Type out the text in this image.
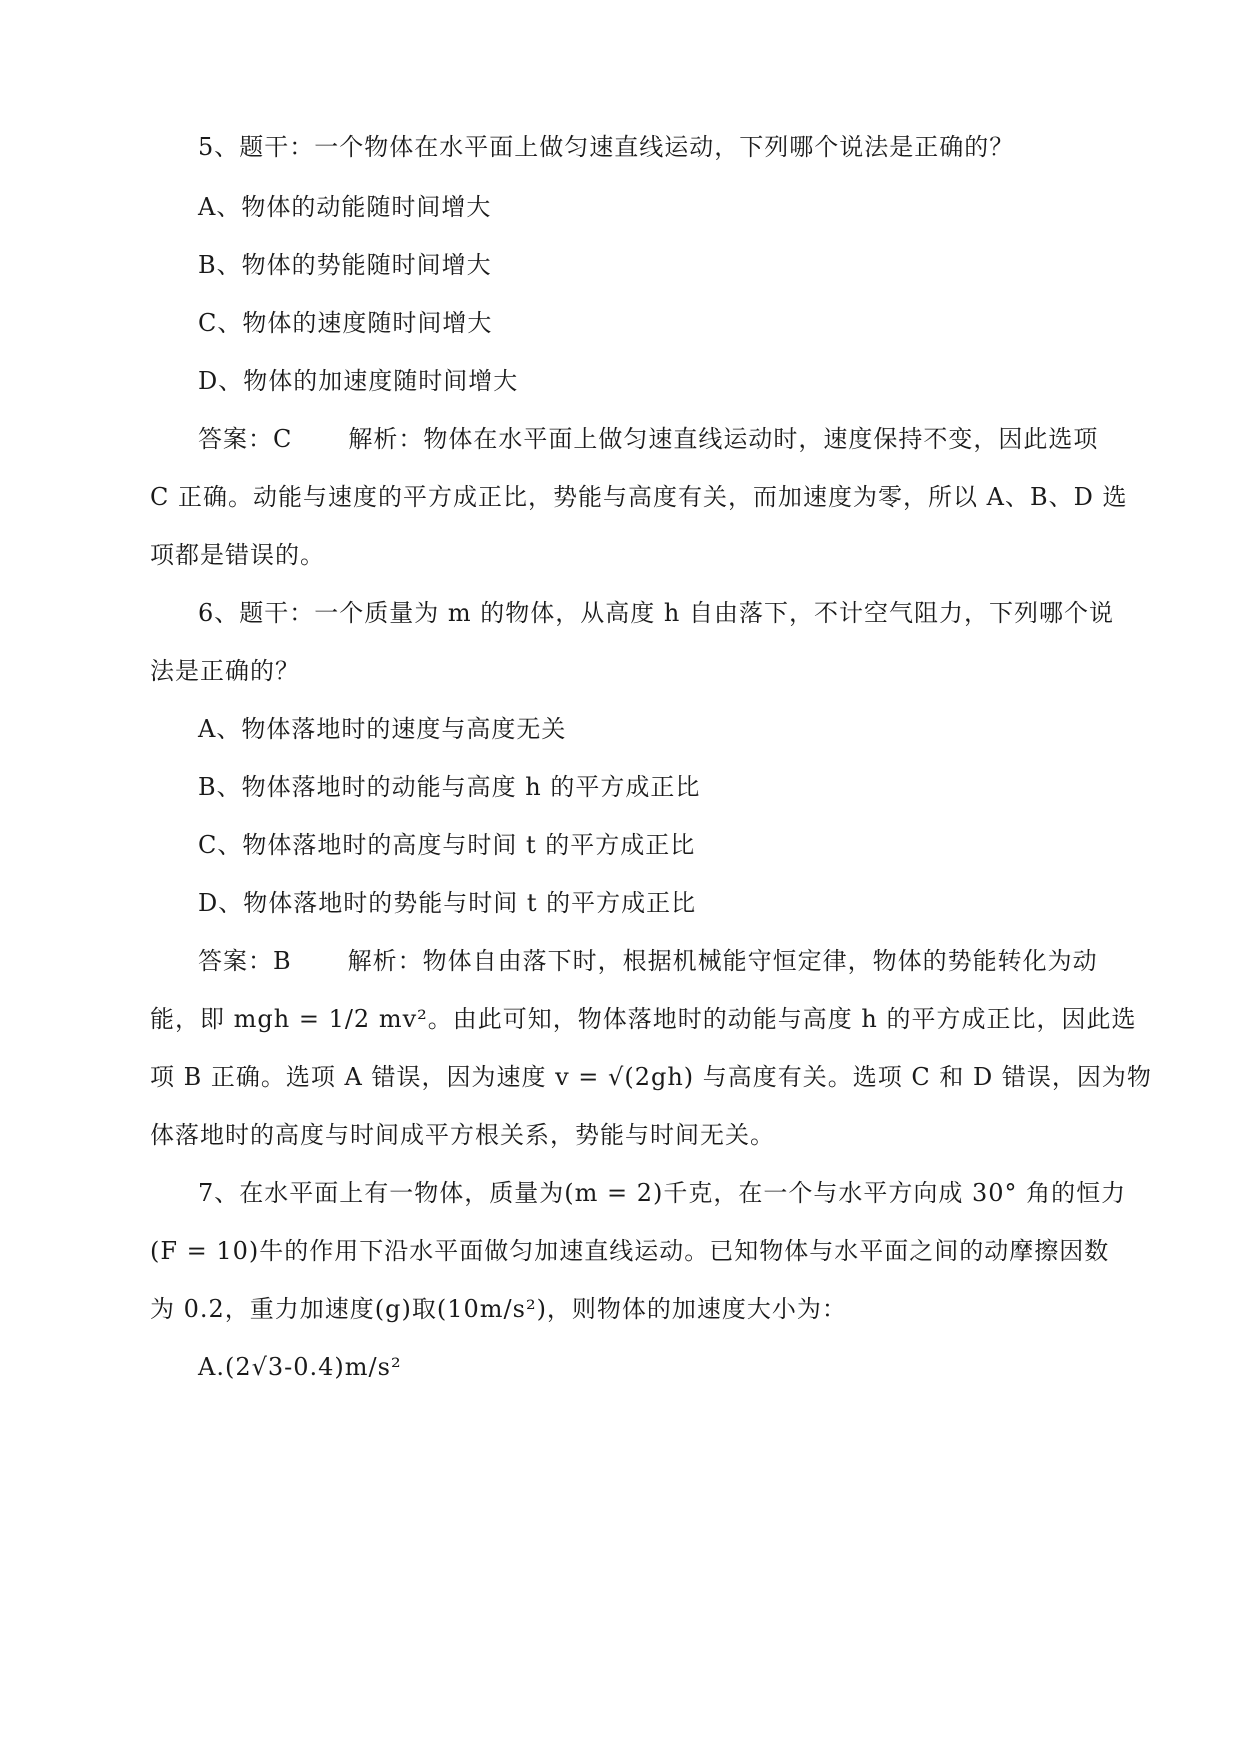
5、题干：一个物体在水平面上做匀速直线运动，下列哪个说法是正确的？
A、物体的动能随时间增大
B、物体的势能随时间增大
C、物体的速度随时间增大
D、物体的加速度随时间增大
答案：C 解析：物体在水平面上做匀速直线运动时，速度保持不变，因此选项
C 正确。动能与速度的平方成正比，势能与高度有关，而加速度为零，所以 A、B、D 选
项都是错误的。
6、题干：一个质量为 m 的物体，从高度 h 自由落下，不计空气阻力，下列哪个说
法是正确的？
A、物体落地时的速度与高度无关
B、物体落地时的动能与高度 h 的平方成正比
C、物体落地时的高度与时间 t 的平方成正比
D、物体落地时的势能与时间 t 的平方成正比
答案：B 解析：物体自由落下时，根据机械能守恒定律，物体的势能转化为动
能，即 mgh = 1/2 mv²。由此可知，物体落地时的动能与高度 h 的平方成正比，因此选
项 B 正确。选项 A 错误，因为速度 v = √(2gh) 与高度有关。选项 C 和 D 错误，因为物
体落地时的高度与时间成平方根关系，势能与时间无关。
7、在水平面上有一物体，质量为(m = 2)千克，在一个与水平方向成 30° 角的恒力
(F = 10)牛的作用下沿水平面做匀加速直线运动。已知物体与水平面之间的动摩擦因数
为 0.2，重力加速度(g)取(10m/s²)，则物体的加速度大小为：
A.(2√3-0.4)m/s²
